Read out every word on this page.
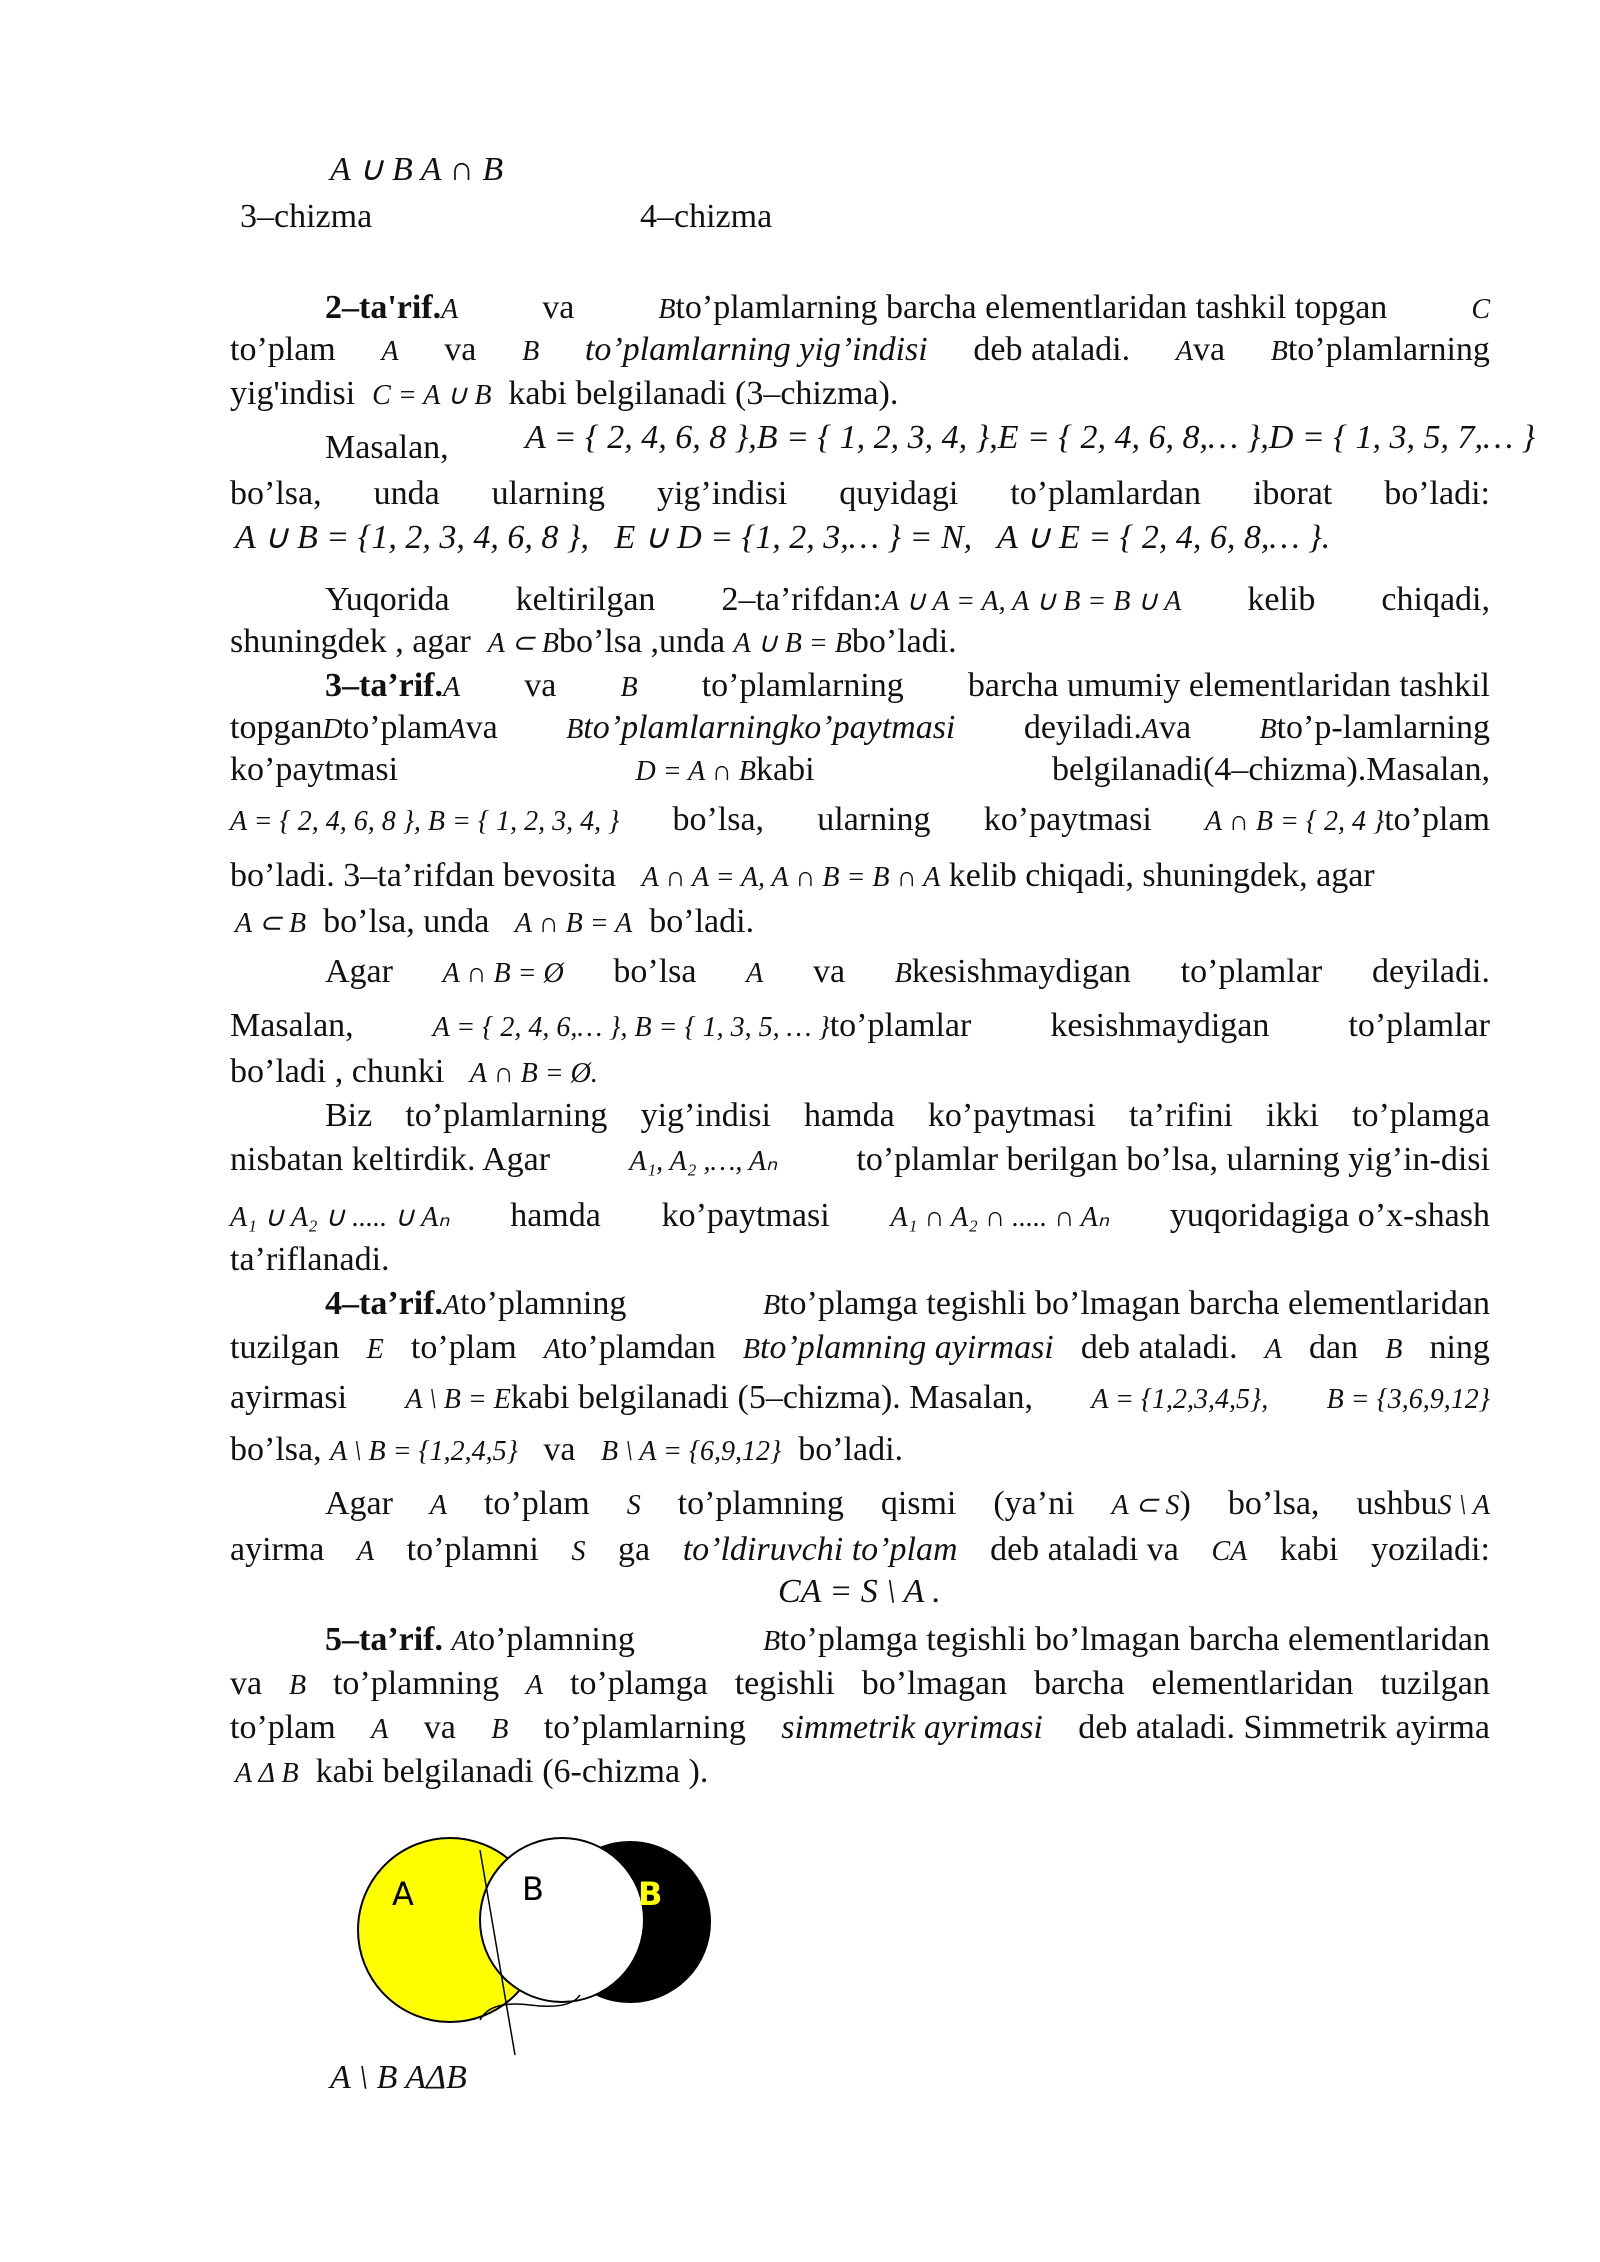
A ∪ B A ∩ B
3–chizma	4–chizma
2–ta'rif.A va	Bto’plamlarning barcha elementlaridan tashkil topgan	C
to’plam A va B to’plamlarning yig’indisi deb ataladi. Ava Bto’plamlarning
yig'indisi C = A ∪ B kabi belgilanadi (3–chizma).
Masalan, A = { 2, 4, 6, 8 }, B = { 1, 2, 3, 4, }, E = { 2, 4, 6, 8,… }, D = { 1, 3, 5, 7,… }
bo’lsa, unda ularning yig’indisi quyidagi to’plamlardan iborat bo’ladi:
A ∪ B = {1, 2, 3, 4, 6, 8 }, E ∪ D = {1, 2, 3,… } = N, A ∪ E = { 2, 4, 6, 8,… }.
Yuqorida keltirilgan 2–ta’rifdan:A ∪ A = A, A ∪ B = B ∪ A kelib chiqadi,
shuningdek , agar A ⊂ Bbo’lsa ,unda A ∪ B = Bbo’ladi.
3–ta’rif.A va B to’plamlarning barcha umumiy elementlaridan tashkil
topganDto’plamAva Bto’plamlarningko’paytmasi deyiladi.Ava Bto’p-lamlarning
ko’paytmasi	D = A ∩ Bkabi	belgilanadi(4–chizma).Masalan,
A = { 2, 4, 6, 8 }, B = { 1, 2, 3, 4, } bo’lsa, ularning ko’paytmasi A ∩ B = { 2, 4 }to’plam
bo’ladi. 3–ta’rifdan bevosita A ∩ A = A, A ∩ B = B ∩ A kelib chiqadi, shuningdek, agar
A ⊂ B bo’lsa, unda A ∩ B = A bo’ladi.
Agar A ∩ B = Ø bo’lsa A va Bkesishmaydigan to’plamlar deyiladi.
Masalan,	A = { 2, 4, 6,… }, B = { 1, 3, 5, … }to’plamlar kesishmaydigan to’plamlar
bo’ladi , chunki A ∩ B = Ø.
Biz to’plamlarning yig’indisi hamda ko’paytmasi ta’rifini ikki to’plamga
nisbatan keltirdik. Agar	A₁, A₂ ,…, Aₙ to’plamlar berilgan bo’lsa, ularning yig’in-disi
A₁ ∪ A₂ ∪ ..... ∪ Aₙ hamda ko’paytmasi A₁ ∩ A₂ ∩ ..... ∩ Aₙ yuqoridagiga o’x-shash
ta’riflanadi.
4–ta’rif.Ato’plamning	Bto’plamga tegishli bo’lmagan barcha elementlaridan
tuzilgan E to’plam Ato’plamdan Bto’plamning ayirmasi deb ataladi. A dan B ning
ayirmasi A \ B = Ekabi belgilanadi (5–chizma). Masalan, A = {1,2,3,4,5}, B = {3,6,9,12}
bo’lsa, A \ B = {1,2,4,5} va B \ A = {6,9,12} bo’ladi.
Agar A to’plam S to’plamning qismi (ya’ni A ⊂ S) bo’lsa, ushbuS \ A
ayirma A to’plamni S ga to’ldiruvchi to’plam deb ataladi va CA kabi yoziladi:
CA = S \ A .
5–ta’rif. Ato’plamning	Bto’plamga tegishli bo’lmagan barcha elementlaridan
va B to’plamning A to’plamga tegishli bo’lmagan barcha elementlaridan tuzilgan
to’plam A va B to’plamlarning simmetrik ayrimasi deb ataladi. Simmetrik ayirma
A Δ B kabi belgilanadi (6-chizma ).
A	B	B
A \ B AΔB
